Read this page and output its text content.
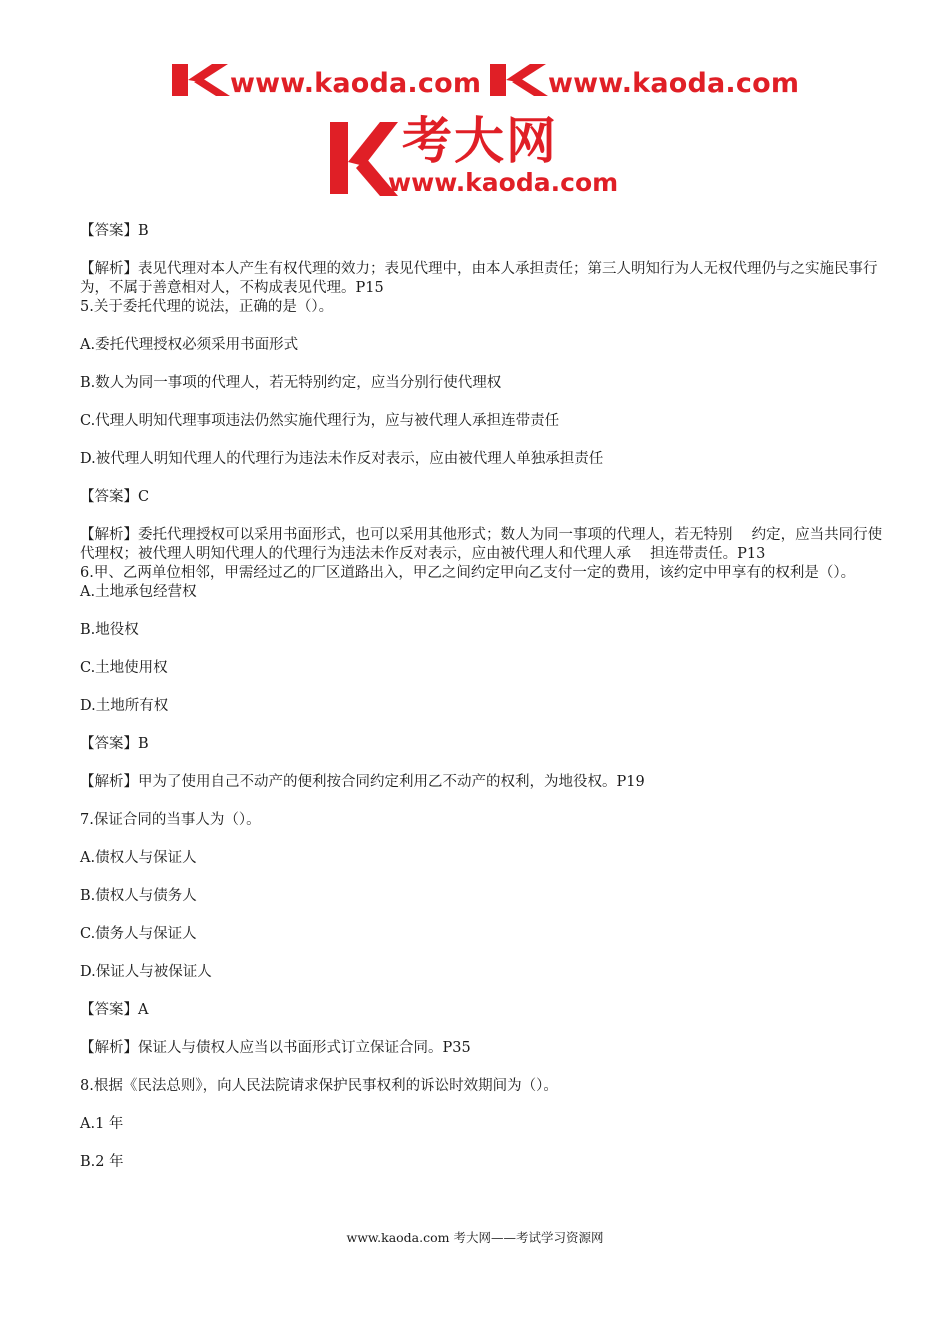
www.kaoda.com www.kaoda.com
考大网
www.kaoda.com
【答案】B
【解析】表见代理对本人产生有权代理的效力；表见代理中，由本人承担责任；第三人明知行为人无权代理仍与之实施民事行为，不属于善意相对人，不构成表见代理。P15
5.关于委托代理的说法，正确的是（）。
A.委托代理授权必须采用书面形式
B.数人为同一事项的代理人，若无特别约定，应当分别行使代理权
C.代理人明知代理事项违法仍然实施代理行为，应与被代理人承担连带责任
D.被代理人明知代理人的代理行为违法未作反对表示，应由被代理人单独承担责任
【答案】C
【解析】委托代理授权可以采用书面形式，也可以采用其他形式；数人为同一事项的代理人，若无特别　 约定，应当共同行使代理权；被代理人明知代理人的代理行为违法未作反对表示，应由被代理人和代理人承　 担连带责任。P13
6.甲、乙两单位相邻，甲需经过乙的厂区道路出入，甲乙之间约定甲向乙支付一定的费用，该约定中甲享有的权利是（）。
A.土地承包经营权
B.地役权
C.土地使用权
D.土地所有权
【答案】B
【解析】甲为了使用自己不动产的便利按合同约定利用乙不动产的权利，为地役权。P19
7.保证合同的当事人为（）。
A.债权人与保证人
B.债权人与债务人
C.债务人与保证人
D.保证人与被保证人
【答案】A
【解析】保证人与债权人应当以书面形式订立保证合同。P35
8.根据《民法总则》，向人民法院请求保护民事权利的诉讼时效期间为（）。
A.1 年
B.2 年
www.kaoda.com 考大网——考试学习资源网
